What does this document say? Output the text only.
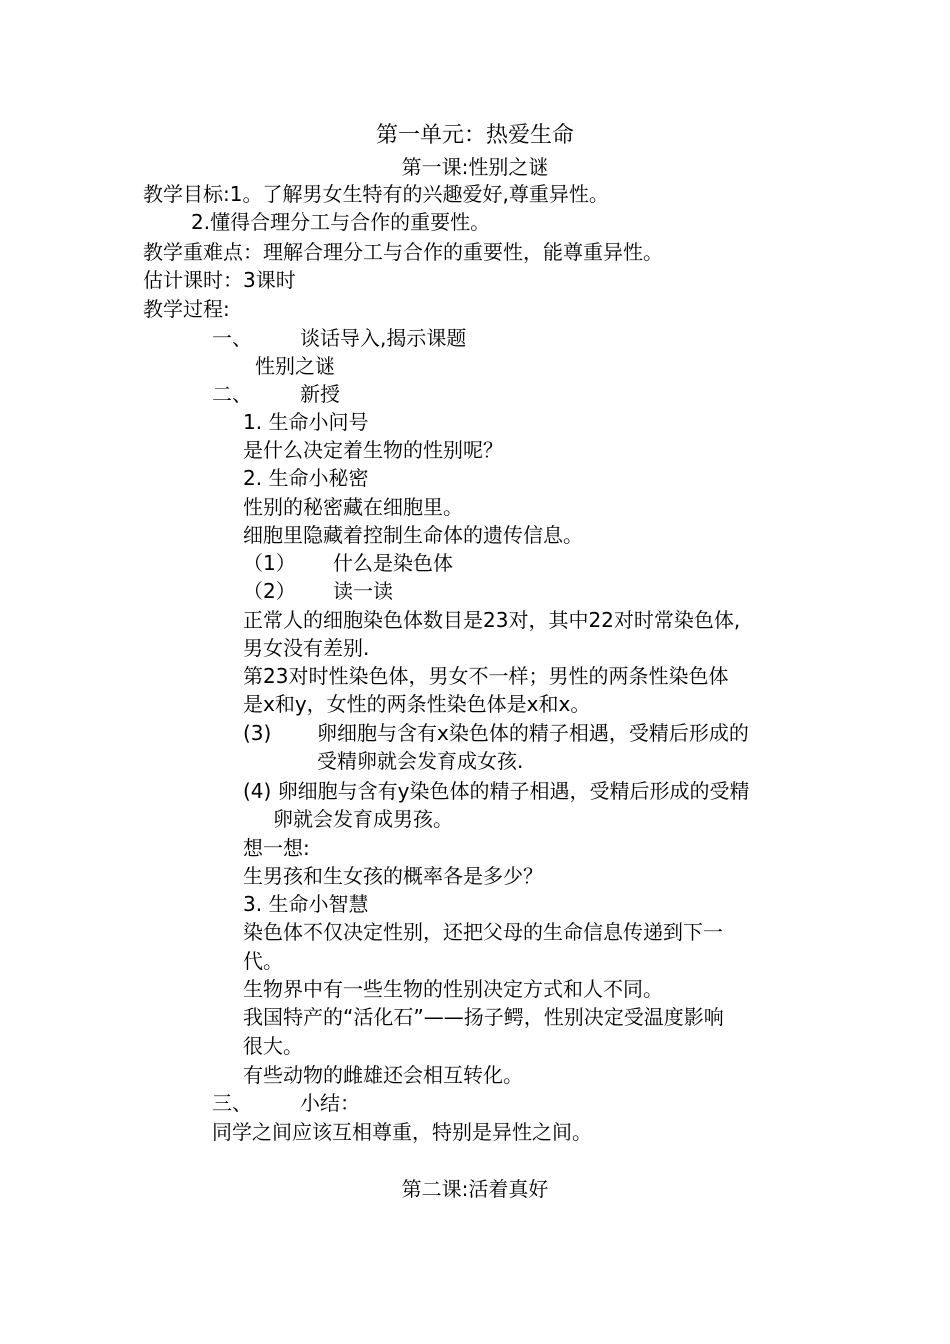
第一单元：热爱生命
第一课:性别之谜
教学目标:1。了解男女生特有的兴趣爱好,尊重异性。
2.懂得合理分工与合作的重要性。
教学重难点：理解合理分工与合作的重要性，能尊重异性。
估计课时：3课时
教学过程:
一、 谈话导入,揭示课题
性别之谜
二、 新授
1. 生命小问号
是什么决定着生物的性别呢？
2. 生命小秘密
性别的秘密藏在细胞里。
细胞里隐藏着控制生命体的遗传信息。
（1） 什么是染色体
（2） 读一读
正常人的细胞染色体数目是23对，其中22对时常染色体,
男女没有差别.
第23对时性染色体，男女不一样；男性的两条性染色体
是x和y，女性的两条性染色体是x和x。
(3) 卵细胞与含有x染色体的精子相遇，受精后形成的
受精卵就会发育成女孩.
(4) 卵细胞与含有y染色体的精子相遇，受精后形成的受精
卵就会发育成男孩。
想一想:
生男孩和生女孩的概率各是多少？
3. 生命小智慧
染色体不仅决定性别，还把父母的生命信息传递到下一
代。
生物界中有一些生物的性别决定方式和人不同。
我国特产的“活化石”——扬子鳄，性别决定受温度影响
很大。
有些动物的雌雄还会相互转化。
三、 小结：
同学之间应该互相尊重，特别是异性之间。
第二课:活着真好
